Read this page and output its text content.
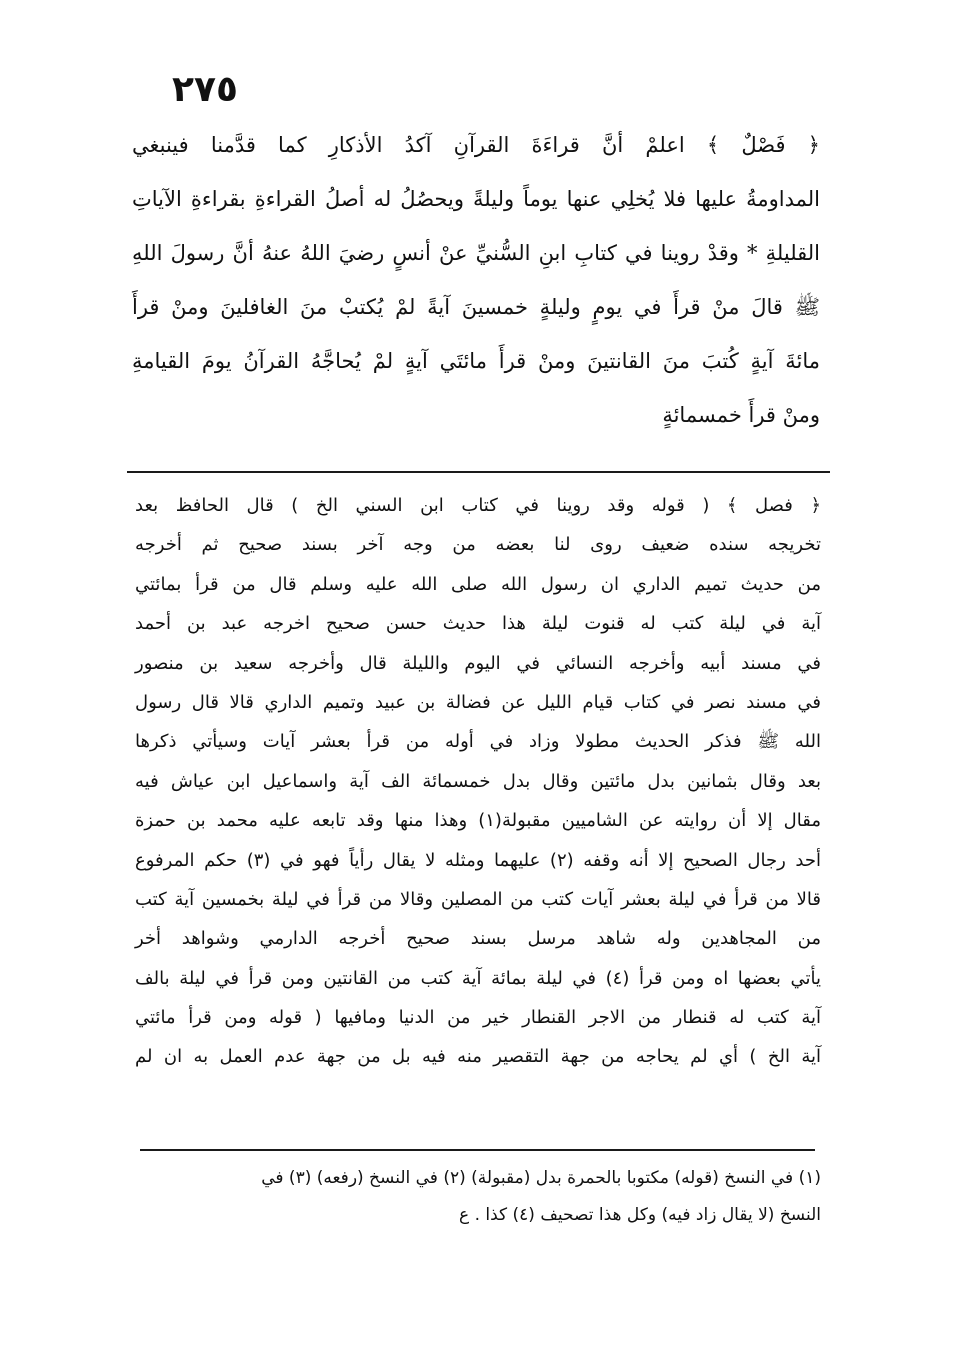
٢٧٥
﴿ فَصْلٌ ﴾ اعلمْ أنَّ قراءَةَ القرآنِ آكدُ الأذكارِ كما قدَّمنا فينبغي
المداومةُ عليها فلا يُخلِي عنها يوماً وليلةً ويحصُلُ له أصلُ القراءةِ بقراءةِ الآياتِ
القليلةِ * وقدْ روينا في كتابِ ابنِ السُّنيِّ عنْ أنسٍ رضيَ اللهُ عنهُ أنَّ رسولَ اللهِ
ﷺ قالَ منْ قرأَ في يومٍ وليلةٍ خمسينَ آيةً لمْ يُكتبْ منَ الغافلينَ ومنْ قرأَ
مائةَ آيةٍ كُتبَ منَ القانتينَ ومنْ قرأَ مائتَي آيةٍ لمْ يُحاجَّهُ القرآنُ يومَ القيامةِ
ومنْ قرأَ خمسمائةٍ
﴿ فصل ﴾ ( قوله وقد روينا في كتاب ابن السني الخ ) قال الحافظ بعد
تخريجه سنده ضعيف روى لنا بعضه من وجه آخر بسند صحيح ثم أخرجه
من حديث تميم الداري ان رسول الله صلى الله عليه وسلم قال من قرأ بمائتي
آية في ليلة كتب له قنوت ليلة هذا حديث حسن صحيح اخرجه عبد بن أحمد
في مسند أبيه وأخرجه النسائي في اليوم والليلة قال وأخرجه سعيد بن منصور
في مسند نصر في كتاب قيام الليل عن فضالة بن عبيد وتميم الداري قالا قال رسول
الله ﷺ فذكر الحديث مطولا وزاد في أوله من قرأ بعشر آيات وسيأتي ذكرها
بعد وقال بثمانين بدل مائتين وقال بدل خمسمائة الف آية واسماعيل ابن عياش فيه
مقال إلا أن روايته عن الشاميين مقبولة(١) وهذا منها وقد تابعه عليه محمد بن حمزة
أحد رجال الصحيح إلا أنه وقفه (٢) عليهما ومثله لا يقال رأياً فهو في (٣) حكم المرفوع
قالا من قرأ في ليلة بعشر آيات كتب من المصلين وقالا من قرأ في ليلة بخمسين آية كتب
من المجاهدين وله شاهد مرسل بسند صحيح أخرجه الدارمي وشواهد أخر
يأتي بعضها اه ومن قرأ (٤) في ليلة بمائة آية كتب من القانتين ومن قرأ في ليلة بالف
آية كتب له قنطار من الاجر القنطار خير من الدنيا ومافيها ( قوله ومن قرأ مائتي
آية الخ ) أي لم يحاجه من جهة التقصير منه فيه بل من جهة عدم العمل به ان لم
(١) في النسخ (قوله) مكتوبا بالحمرة بدل (مقبولة) (٢) في النسخ (رفعه) (٣) في
النسخ (لا يقال زاد فيه) وكل هذا تصحيف (٤) كذا . ع
